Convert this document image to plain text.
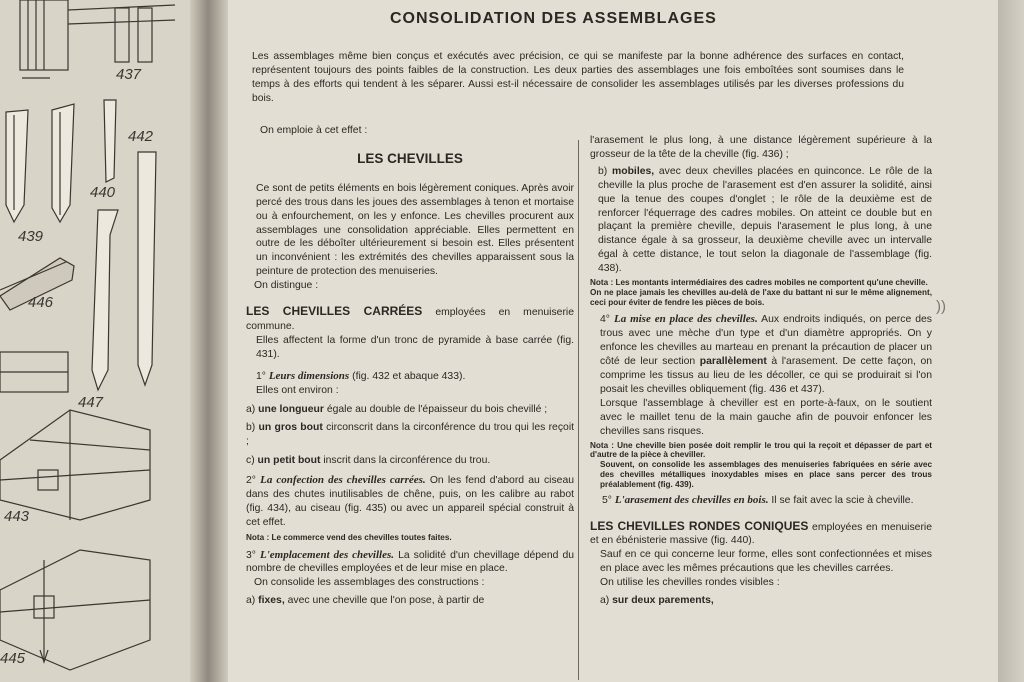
437
442
440
439
446
447
443
445
CONSOLIDATION DES ASSEMBLAGES

Les assemblages même bien conçus et exécutés avec précision, ce qui se manifeste par la bonne adhérence des surfaces en contact, représentent toujours des points faibles de la construction. Les deux parties des assemblages une fois emboîtées sont soumises dans le temps à des efforts qui tendent à les séparer. Aussi est-il nécessaire de consolider les assemblages utilisés par les diverses professions du bois.

On emploie à cet effet :

LES CHEVILLES

Ce sont de petits éléments en bois légèrement coniques. Après avoir percé des trous dans les joues des assemblages à tenon et mortaise ou à enfourchement, on les y enfonce. Les chevilles procurent aux assemblages une consolidation appréciable. Elles permettent en outre de les déboîter ultérieurement si besoin est. Elles présentent un inconvénient : les extrémités des chevilles apparaissent sous la peinture de protection des menuiseries.

On distingue :

LES CHEVILLES CARRÉES employées en menuiserie commune.

Elles affectent la forme d'un tronc de pyramide à base carrée (fig. 431).

1° Leurs dimensions (fig. 432 et abaque 433).

Elles ont environ :

a) une longueur égale au double de l'épaisseur du bois chevillé ;

b) un gros bout circonscrit dans la circonférence du trou qui les reçoit ;

c) un petit bout inscrit dans la circonférence du trou.

2° La confection des chevilles carrées. On les fend d'abord au ciseau dans des chutes inutilisables de chêne, puis, on les calibre au rabot (fig. 434), au ciseau (fig. 435) ou avec un appareil spécial construit à cet effet.

Nota : Le commerce vend des chevilles toutes faites.

3° L'emplacement des chevilles. La solidité d'un chevillage dépend du nombre de chevilles employées et de leur mise en place.

On consolide les assemblages des constructions :

a) fixes, avec une cheville que l'on pose, à partir de

l'arasement le plus long, à une distance légèrement supérieure à la grosseur de la tête de la cheville (fig. 436) ;

b) mobiles, avec deux chevilles placées en quinconce. Le rôle de la cheville la plus proche de l'arasement est d'en assurer la solidité, ainsi que la tenue des coupes d'onglet ; le rôle de la deuxième est de renforcer l'équerrage des cadres mobiles. On atteint ce double but en plaçant la première cheville, depuis l'arasement le plus long, à une distance égale à sa grosseur, la deuxième cheville avec un intervalle égal à cette distance, le tout selon la diagonale de l'assemblage (fig. 438).

Nota : Les montants intermédiaires des cadres mobiles ne comportent qu'une cheville.

On ne place jamais les chevilles au-delà de l'axe du battant ni sur le même alignement, ceci pour éviter de fendre les pièces de bois.

4° La mise en place des chevilles. Aux endroits indiqués, on perce des trous avec une mèche d'un type et d'un diamètre appropriés. On y enfonce les chevilles au marteau en prenant la précaution de placer un côté de leur section parallèlement à l'arasement. De cette façon, on comprime les tissus au lieu de les décoller, ce qui se produirait si l'on posait les chevilles obliquement (fig. 436 et 437).

Lorsque l'assemblage à cheviller est en porte-à-faux, on le soutient avec le maillet tenu de la main gauche afin de pouvoir enfoncer les chevilles sans risques.

Nota : Une cheville bien posée doit remplir le trou qui la reçoit et dépasser de part et d'autre de la pièce à cheviller.

Souvent, on consolide les assemblages des menuiseries fabriquées en série avec des chevilles métalliques inoxydables mises en place sans percer des trous préalablement (fig. 439).

5° L'arasement des chevilles en bois. Il se fait avec la scie à cheville.

LES CHEVILLES RONDES CONIQUES employées en menuiserie et en ébénisterie massive (fig. 440).

Sauf en ce qui concerne leur forme, elles sont confectionnées et mises en place avec les mêmes précautions que les chevilles carrées.

On utilise les chevilles rondes visibles :

a) sur deux parements,

))
